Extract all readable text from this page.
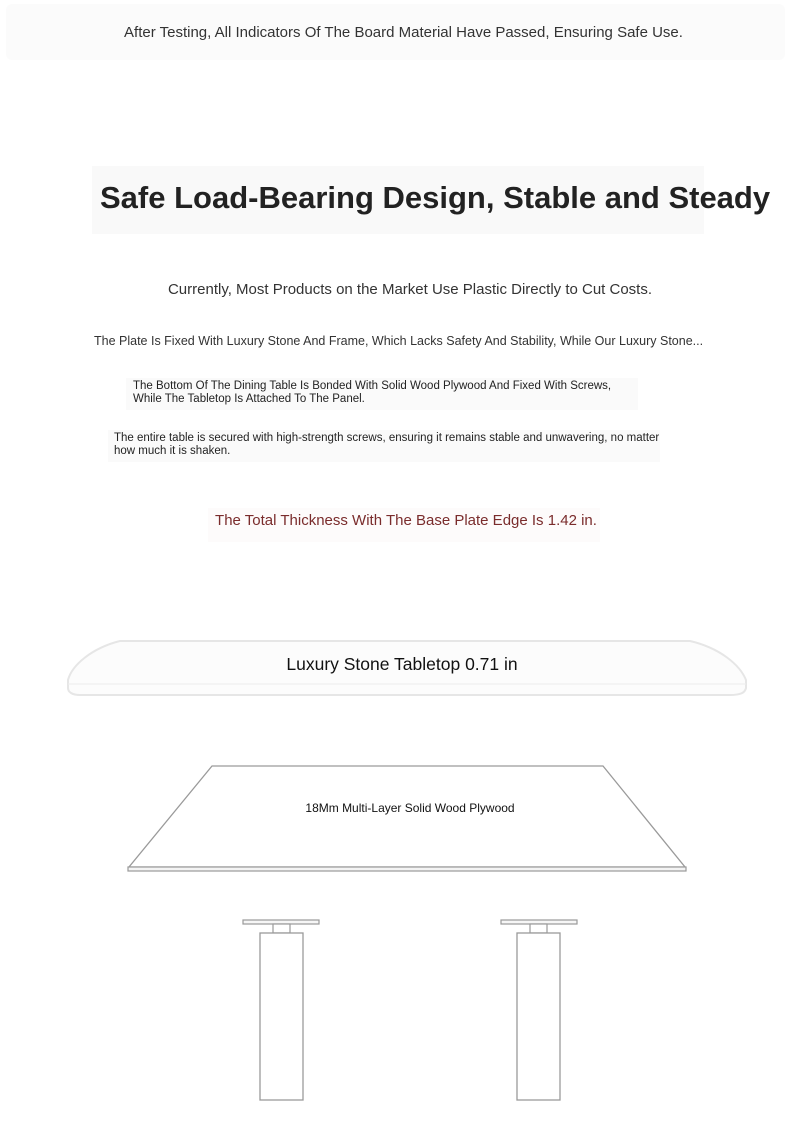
After Testing, All Indicators Of The Board Material Have Passed, Ensuring Safe Use.
Safe Load-Bearing Design, Stable and Steady
Currently, Most Products on the Market Use Plastic Directly to Cut Costs.
The Plate Is Fixed With Luxury Stone And Frame, Which Lacks Safety And Stability, While Our Luxury Stone...
The Bottom Of The Dining Table Is Bonded With Solid Wood Plywood And Fixed With Screws, While The Tabletop Is Attached To The Panel.
The entire table is secured with high-strength screws, ensuring it remains stable and unwavering, no matter how much it is shaken.
The Total Thickness With The Base Plate Edge Is 1.42 in.
Luxury Stone Tabletop 0.71 in
18Mm Multi-Layer Solid Wood Plywood
